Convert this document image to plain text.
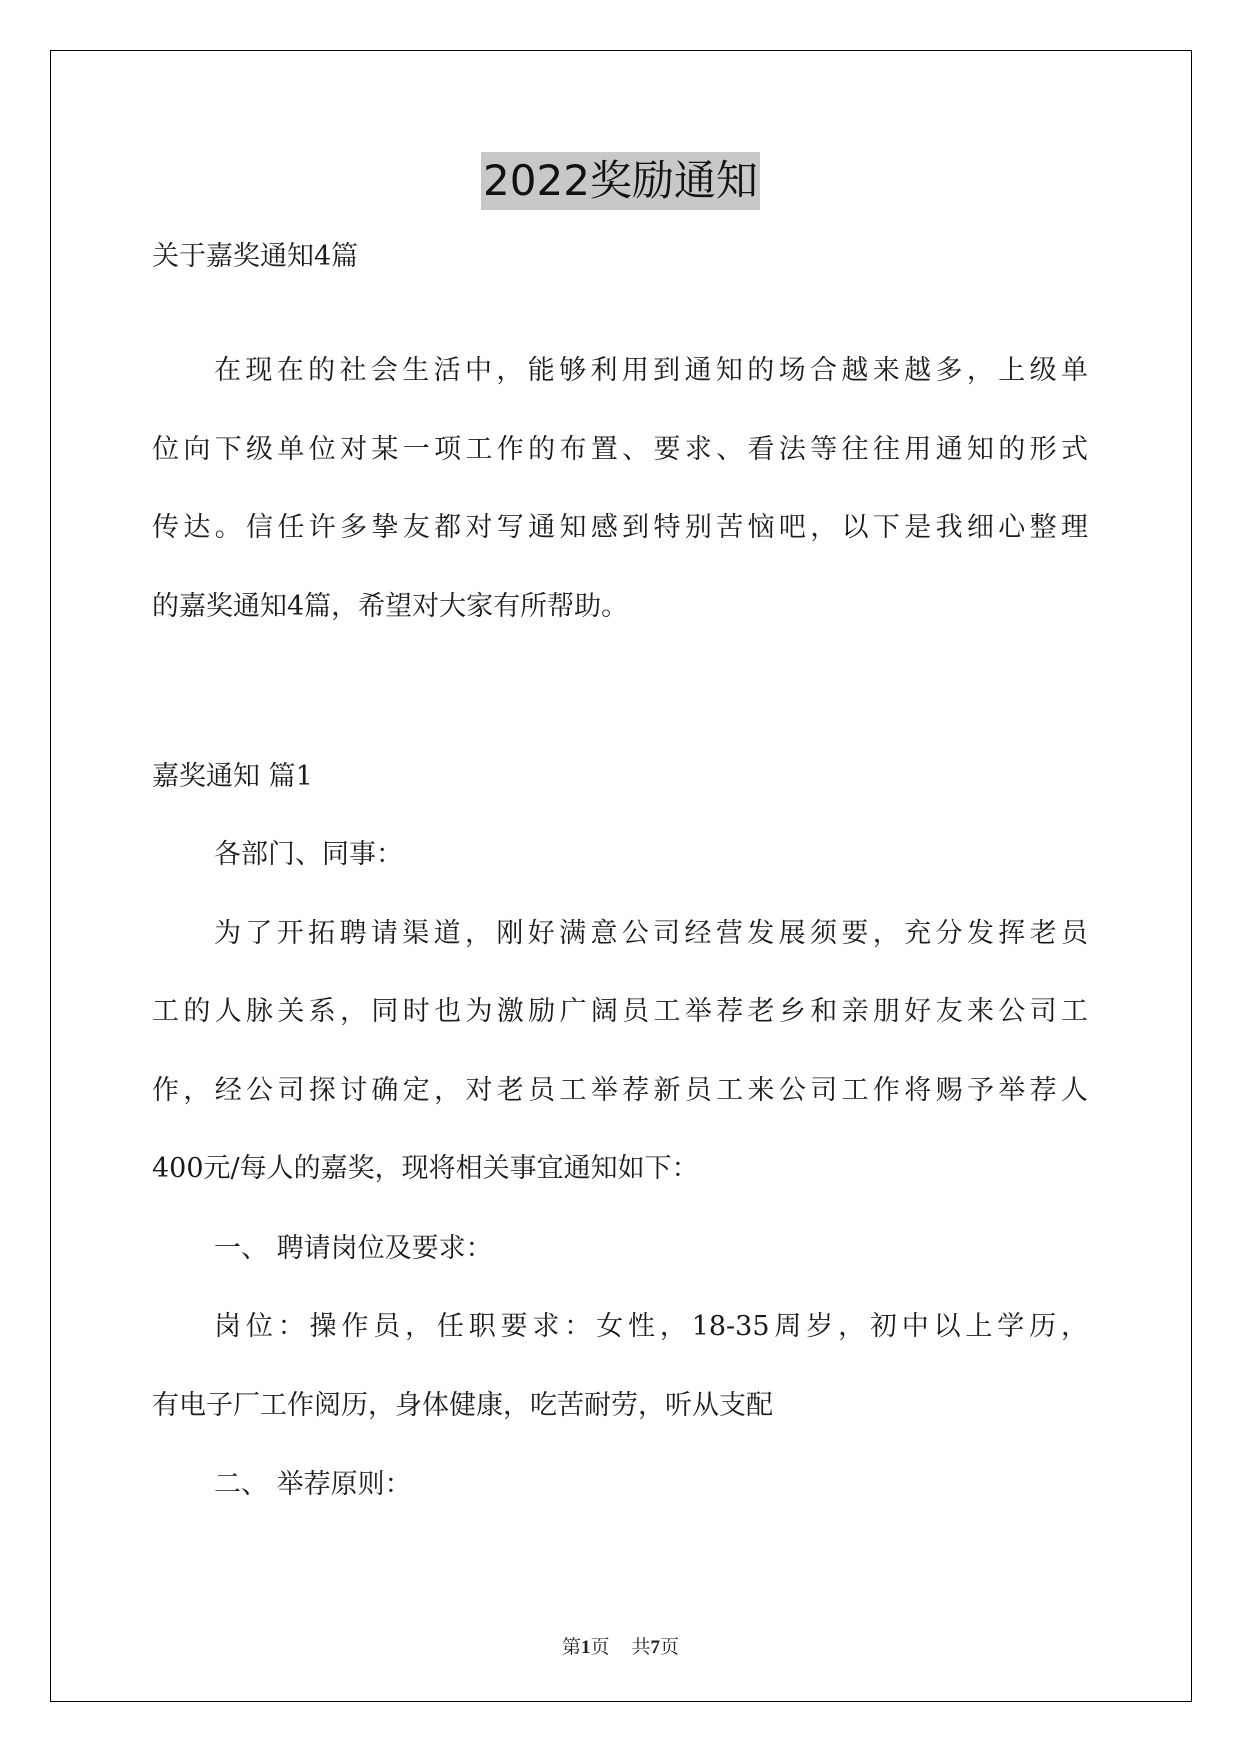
2022奖励通知
关于嘉奖通知4篇
在现在的社会生活中，能够利用到通知的场合越来越多，上级单
位向下级单位对某一项工作的布置、要求、看法等往往用通知的形式
传达。信任许多挚友都对写通知感到特别苦恼吧，以下是我细心整理
的嘉奖通知4篇，希望对大家有所帮助。
嘉奖通知 篇1
各部门、同事：
为了开拓聘请渠道，刚好满意公司经营发展须要，充分发挥老员
工的人脉关系，同时也为激励广阔员工举荐老乡和亲朋好友来公司工
作，经公司探讨确定，对老员工举荐新员工来公司工作将赐予举荐人
400元/每人的嘉奖，现将相关事宜通知如下：
一、 聘请岗位及要求：
岗位：操作员，任职要求：女性，18-35周岁，初中以上学历，
有电子厂工作阅历，身体健康，吃苦耐劳，听从支配
二、 举荐原则：
第1页 共7页
